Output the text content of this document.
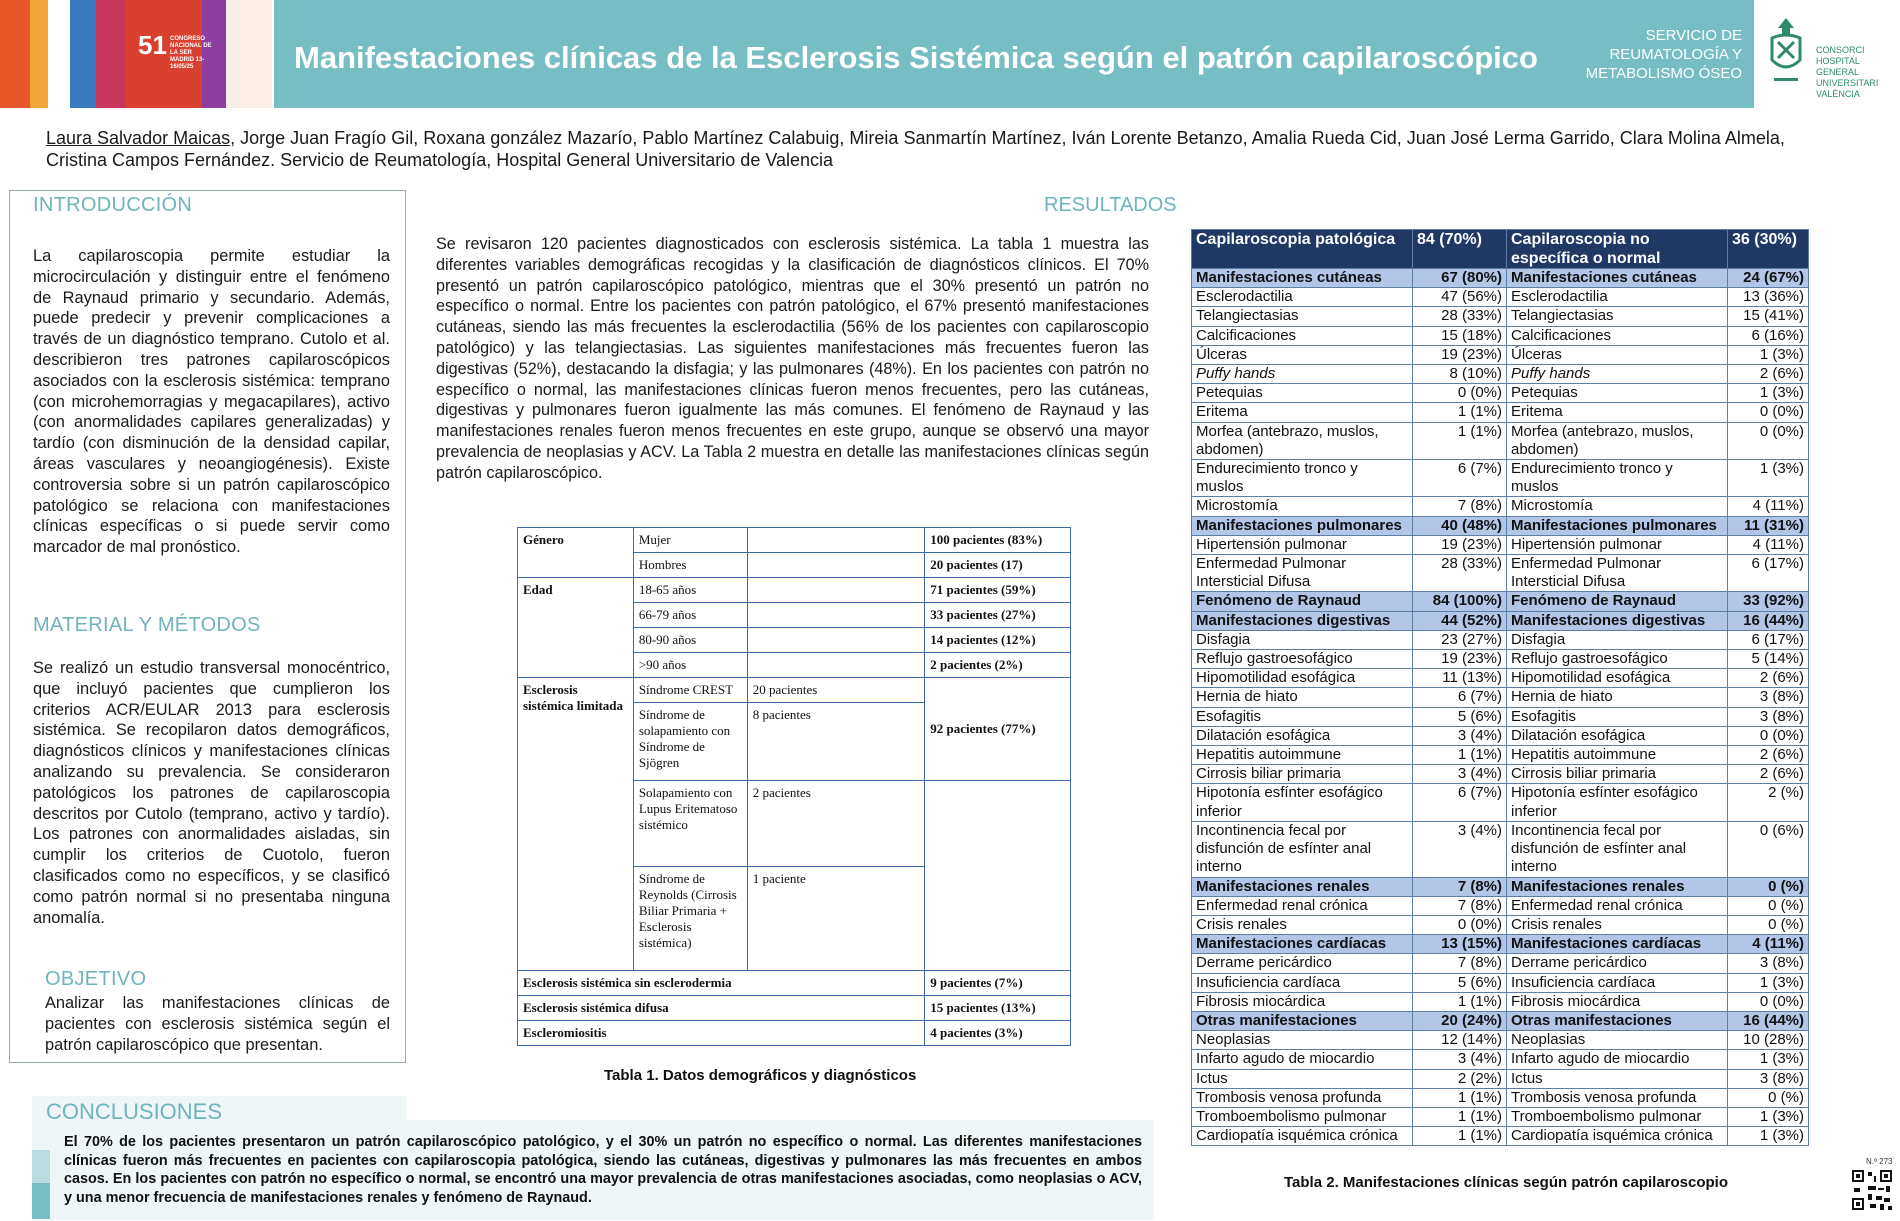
51 CONGRESO NACIONAL DE LA SER
MADRID 13-16/05/25	Manifestaciones clínicas de la Esclerosis Sistémica según el patrón capilaroscópico
SERVICIO DE
REUMATOLOGÍA Y
METABOLISMO ÓSEO
CONSORCI
HOSPITAL GENERAL
UNIVERSITARI
VALÈNCIA
Laura Salvador Maicas, Jorge Juan Fragío Gil, Roxana gonzález Mazarío, Pablo Martínez Calabuig, Mireia Sanmartín Martínez, Iván Lorente Betanzo, Amalia Rueda Cid, Juan José Lerma Garrido, Clara Molina Almela, Cristina Campos Fernández. Servicio de Reumatología, Hospital General Universitario de Valencia
INTRODUCCIÓN
La capilaroscopia permite estudiar la microcirculación y distinguir entre el fenómeno de Raynaud primario y secundario. Además, puede predecir y prevenir complicaciones a través de un diagnóstico temprano. Cutolo et al. describieron tres patrones capilaroscópicos asociados con la esclerosis sistémica: temprano (con microhemorragias y megacapilares), activo (con anormalidades capilares generalizadas) y tardío (con disminución de la densidad capilar, áreas vasculares y neoangiogénesis). Existe controversia sobre si un patrón capilaroscópico patológico se relaciona con manifestaciones clínicas específicas o si puede servir como marcador de mal pronóstico.
MATERIAL Y MÉTODOS
Se realizó un estudio transversal monocéntrico, que incluyó pacientes que cumplieron los criterios ACR/EULAR 2013 para esclerosis sistémica. Se recopilaron datos demográficos, diagnósticos clínicos y manifestaciones clínicas analizando su prevalencia. Se consideraron patológicos los patrones de capilaroscopia descritos por Cutolo (temprano, activo y tardío). Los patrones con anormalidades aisladas, sin cumplir los criterios de Cuotolo, fueron clasificados como no específicos, y se clasificó como patrón normal si no presentaba ninguna anomalía.
OBJETIVO
Analizar las manifestaciones clínicas de pacientes con esclerosis sistémica según el patrón capilaroscópico que presentan.
RESULTADOS
Se revisaron 120 pacientes diagnosticados con esclerosis sistémica. La tabla 1 muestra las diferentes variables demográficas recogidas y la clasificación de diagnósticos clínicos. El 70% presentó un patrón capilaroscópico patológico, mientras que el 30% presentó un patrón no específico o normal. Entre los pacientes con patrón patológico, el 67% presentó manifestaciones cutáneas, siendo las más frecuentes la esclerodactilia (56% de los pacientes con capilaroscopio patológico) y las telangiectasias. Las siguientes manifestaciones más frecuentes fueron las digestivas (52%), destacando la disfagia; y las pulmonares (48%). En los pacientes con patrón no específico o normal, las manifestaciones clínicas fueron menos frecuentes, pero las cutáneas, digestivas y pulmonares fueron igualmente las más comunes. El fenómeno de Raynaud y las manifestaciones renales fueron menos frecuentes en este grupo, aunque se observó una mayor prevalencia de neoplasias y ACV. La Tabla 2 muestra en detalle las manifestaciones clínicas según patrón capilaroscópico.
Género	Mujer		100 pacientes (83%)
	Hombres		20 pacientes (17)
Edad	18-65 años		71 pacientes (59%)
	66-79 años		33 pacientes (27%)
	80-90 años		14 pacientes (12%)
	>90 años		2 pacientes (2%)
Esclerosis sistémica limitada	Síndrome CREST	20 pacientes	92 pacientes (77%)
	Síndrome de solapamiento con Síndrome de Sjögren	8 pacientes	
	Solapamiento con Lupus Eritematoso sistémico	2 pacientes	
	Síndrome de Reynolds (Cirrosis Biliar Primaria + Esclerosis sistémica)	1 paciente	
Esclerosis sistémica sin esclerodermia			9 pacientes (7%)
Esclerosis sistémica difusa			15 pacientes (13%)
Escleromiositis			4 pacientes (3%)
Tabla 1. Datos demográficos y diagnósticos
Capilaroscopia patológica	84 (70%)	Capilaroscopia no específica o normal	36 (30%)
Manifestaciones cutáneas	67 (80%)	Manifestaciones cutáneas	24 (67%)
Esclerodactilia	47 (56%)	Esclerodactilia	13 (36%)
Telangiectasias	28 (33%)	Telangiectasias	15 (41%)
Calcificaciones	15 (18%)	Calcificaciones	6 (16%)
Úlceras	19 (23%)	Úlceras	1 (3%)
Puffy hands	8 (10%)	Puffy hands	2 (6%)
Petequias	0 (0%)	Petequias	1 (3%)
Eritema	1 (1%)	Eritema	0 (0%)
Morfea (antebrazo, muslos, abdomen)	1 (1%)	Morfea (antebrazo, muslos, abdomen)	0 (0%)
Endurecimiento tronco y muslos	6 (7%)	Endurecimiento tronco y muslos	1 (3%)
Microstomía	7 (8%)	Microstomía	4 (11%)
Manifestaciones pulmonares	40 (48%)	Manifestaciones pulmonares	11 (31%)
Hipertensión pulmonar	19 (23%)	Hipertensión pulmonar	4 (11%)
Enfermedad Pulmonar Intersticial Difusa	28 (33%)	Enfermedad Pulmonar Intersticial Difusa	6 (17%)
Fenómeno de Raynaud	84 (100%)	Fenómeno de Raynaud	33 (92%)
Manifestaciones digestivas	44 (52%)	Manifestaciones digestivas	16 (44%)
Disfagia	23 (27%)	Disfagia	6 (17%)
Reflujo gastroesofágico	19 (23%)	Reflujo gastroesofágico	5 (14%)
Hipomotilidad esofágica	11 (13%)	Hipomotilidad esofágica	2 (6%)
Hernia de hiato	6 (7%)	Hernia de hiato	3 (8%)
Esofagitis	5 (6%)	Esofagitis	3 (8%)
Dilatación esofágica	3 (4%)	Dilatación esofágica	0 (0%)
Hepatitis autoimmune	1 (1%)	Hepatitis autoimmune	2 (6%)
Cirrosis biliar primaria	3 (4%)	Cirrosis biliar primaria	2 (6%)
Hipotonía esfínter esofágico inferior	6 (7%)	Hipotonía esfínter esofágico inferior	2 (%)
Incontinencia fecal por disfunción de esfínter anal interno	3 (4%)	Incontinencia fecal por disfunción de esfínter anal interno	0 (6%)
Manifestaciones renales	7 (8%)	Manifestaciones renales	0 (%)
Enfermedad renal crónica	7 (8%)	Enfermedad renal crónica	0 (%)
Crisis renales	0 (0%)	Crisis renales	0 (%)
Manifestaciones cardíacas	13 (15%)	Manifestaciones cardíacas	4 (11%)
Derrame pericárdico	7 (8%)	Derrame pericárdico	3 (8%)
Insuficiencia cardíaca	5 (6%)	Insuficiencia cardíaca	1 (3%)
Fibrosis miocárdica	1 (1%)	Fibrosis miocárdica	0 (0%)
Otras manifestaciones	20 (24%)	Otras manifestaciones	16 (44%)
Neoplasias	12 (14%)	Neoplasias	10 (28%)
Infarto agudo de miocardio	3 (4%)	Infarto agudo de miocardio	1 (3%)
Ictus	2 (2%)	Ictus	3 (8%)
Trombosis venosa profunda	1 (1%)	Trombosis venosa profunda	0 (%)
Tromboembolismo pulmonar	1 (1%)	Tromboembolismo pulmonar	1 (3%)
Cardiopatía isquémica crónica	1 (1%)	Cardiopatía isquémica crónica	1 (3%)
Tabla 2. Manifestaciones clínicas según patrón capilaroscopio
CONCLUSIONES
El 70% de los pacientes presentaron un patrón capilaroscópico patológico, y el 30% un patrón no específico o normal. Las diferentes manifestaciones clínicas fueron más frecuentes en pacientes con capilaroscopia patológica, siendo las cutáneas, digestivas y pulmonares las más frecuentes en ambos casos. En los pacientes con patrón no específico o normal, se encontró una mayor prevalencia de otras manifestaciones asociadas, como neoplasias o ACV, y una menor frecuencia de manifestaciones renales y fenómeno de Raynaud.
N.º 273
